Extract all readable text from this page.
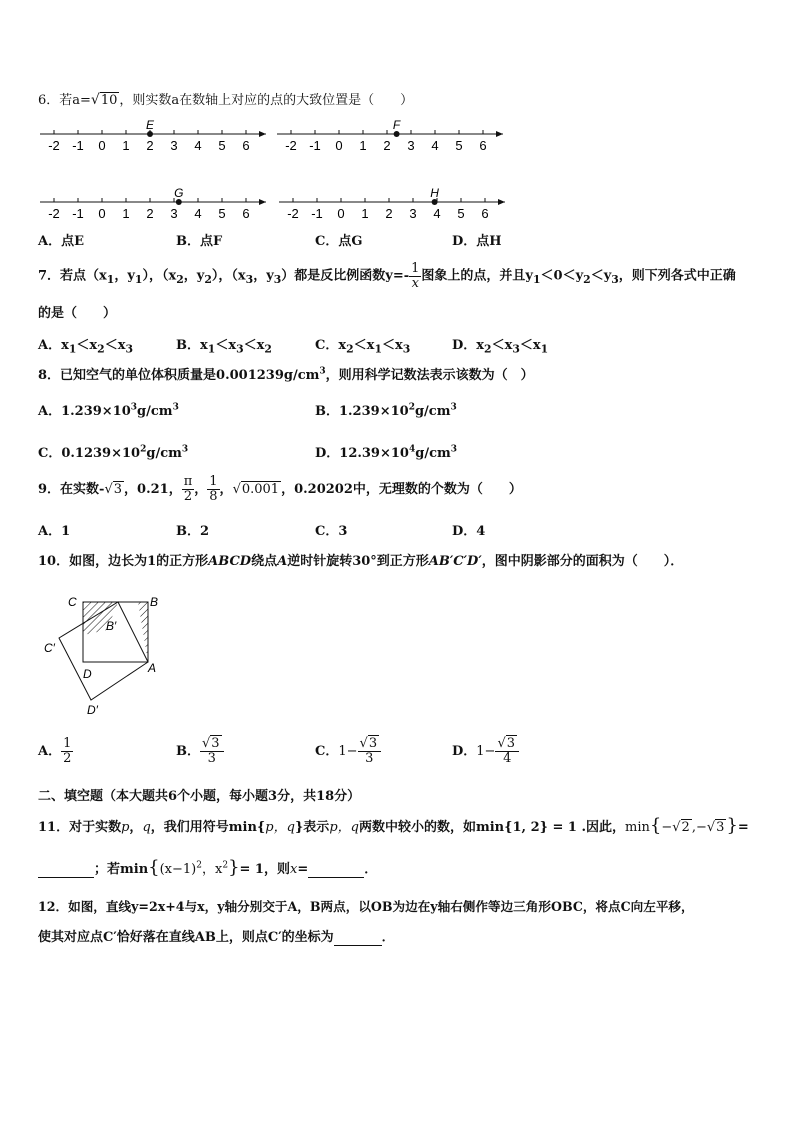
6．若a=√10 ，则实数a在数轴上对应的点的大致位置是（　　）
-2 -1 0 1 2 3 4 5 6
E
-2 -1 0 1 2 3 4 5 6
F
-2 -1 0 1 2 3 4 5 6
G
-2 -1 0 1 2 3 4 5 6
H
A．点E	B．点F	C．点G	D．点H
7．若点（$x_1$，$y_1$），（$x_2$，$y_2$），（$x_3$，$y_3$）都是反比例函数$y=- \frac{1}{x}$ 图象上的点，并且$y_1<0<y_2<y_3$，则下列各式中正确
的是（　　）
A．$x_1<x_2<x_3$	B．$x_1<x_3<x_2$	C．$x_2<x_1<x_3$	D．$x_2<x_3<x_1$
8．已知空气的单位体积质量是$0.001239g/cm^3$，则用科学记数法表示该数为（　）
A．$1.239\times 10^3g/cm^3$	B．$1.239\times 10^2g/cm^3$
C．$0.1239\times 10^2g/cm^3$	D．$12.39\times 10^4g/cm^3$
9．在实数-√3 ，0.21， $\frac{\pi}{2}$ ， $\frac{1}{8}$ ，√0.001 ，0.20202中，无理数的个数为（　　）
A．1	B．2	C．3	D．4
10．如图，边长为1的正方形ABCD绕点A逆时针旋转30°到正方形AB′C′D′，图中阴影部分的面积为（　　）．
C	B
B′
C′
D	A
D′
A． $\frac{1}{2}$	B． $\frac{√3}{3}$	C．$1- \frac{√3}{3}$	D．$1- \frac{√3}{4}$
二、填空题（本大题共6个小题，每小题3分，共18分）
11．对于实数p，q，我们用符号min{p，q}表示p，q两数中较小的数，如min{1, 2} = 1 .因此，min{−√2 ,−√3 }=
；若$\min\{(x-1)^2$，$x^2\}= 1$，则x=	．
12．如图，直线y=2x+4与x，y轴分别交于A，B两点，以OB为边在y轴右侧作等边三角形OBC，将点C向左平移，
使其对应点C′恰好落在直线AB上，则点C′的坐标为	．
